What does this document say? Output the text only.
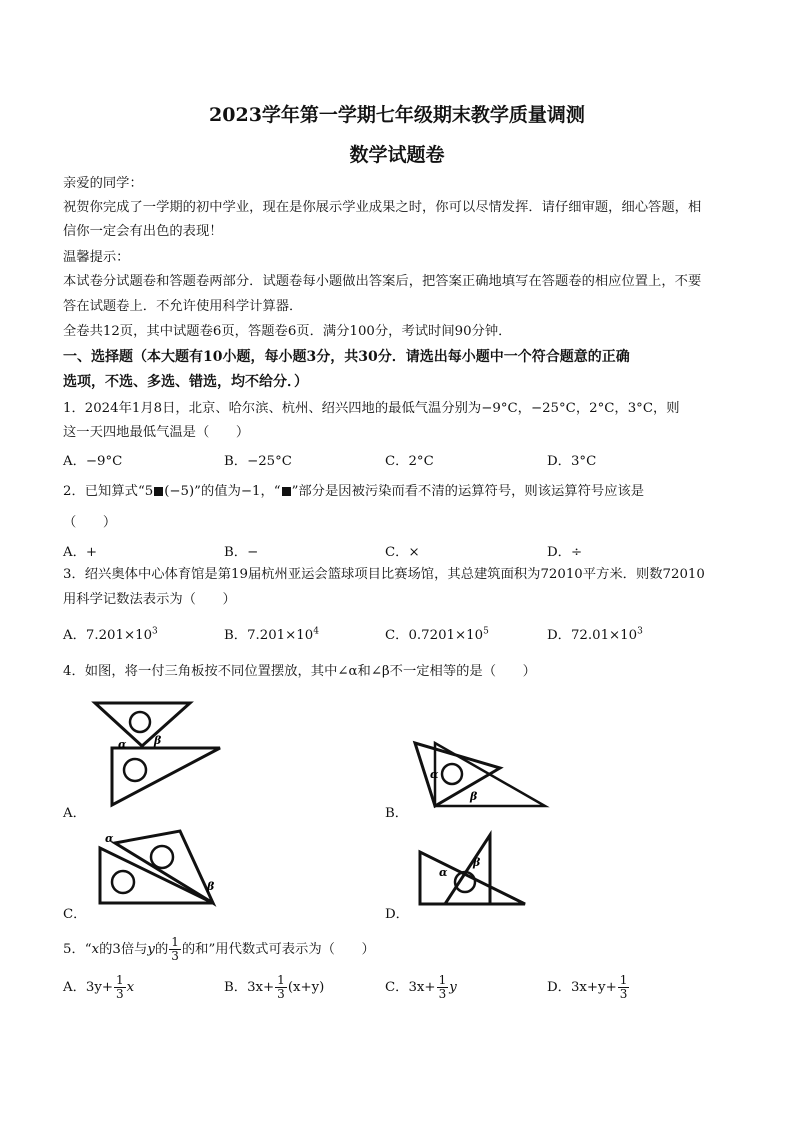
2023学年第一学期七年级期末教学质量调测
数学试题卷
亲爱的同学：
祝贺你完成了一学期的初中学业，现在是你展示学业成果之时，你可以尽情发挥．请仔细审题，细心答题，相
信你一定会有出色的表现！
温馨提示：
本试卷分试题卷和答题卷两部分．试题卷每小题做出答案后，把答案正确地填写在答题卷的相应位置上，不要
答在试题卷上．不允许使用科学计算器．
全卷共12页，其中试题卷6页，答题卷6页．满分100分，考试时间90分钟．
一、选择题（本大题有10小题，每小题3分，共30分．请选出每小题中一个符合题意的正确
选项，不选、多选、错选，均不给分．）
1．2024年1月8日，北京、哈尔滨、杭州、绍兴四地的最低气温分别为−9°C，−25°C，2°C，3°C，则
这一天四地最低气温是（　　）
A．−9°C	B．−25°C	C．2°C	D．3°C
2．已知算式“5 (−5)”的值为−1，“ ”部分是因被污染而看不清的运算符号，则该运算符号应该是
（　　）
A．+	B．−	C．×	D．÷
3．绍兴奥体中心体育馆是第19届杭州亚运会篮球项目比赛场馆，其总建筑面积为72010平方米．则数72010
用科学记数法表示为（　　）
A．$7.201\times 10^3$	B．$7.201\times 10^4$	C．$0.7201\times 10^5$	D．$72.01\times 10^3$
4．如图，将一付三角板按不同位置摆放，其中∠α和∠β不一定相等的是（　　）
α	β
A．
α
β
B．
α
β
C．
α
β
D．
5．“x的3倍与y的 $\frac{1}{3}$ 的和”用代数式可表示为（　　）
A．$3y+ \frac{1}{3}$ x	B．$3x+ \frac{1}{3} (x+y)$	C．$3x+ \frac{1}{3}$ y	D．$3x+y+ \frac{1}{3}$
